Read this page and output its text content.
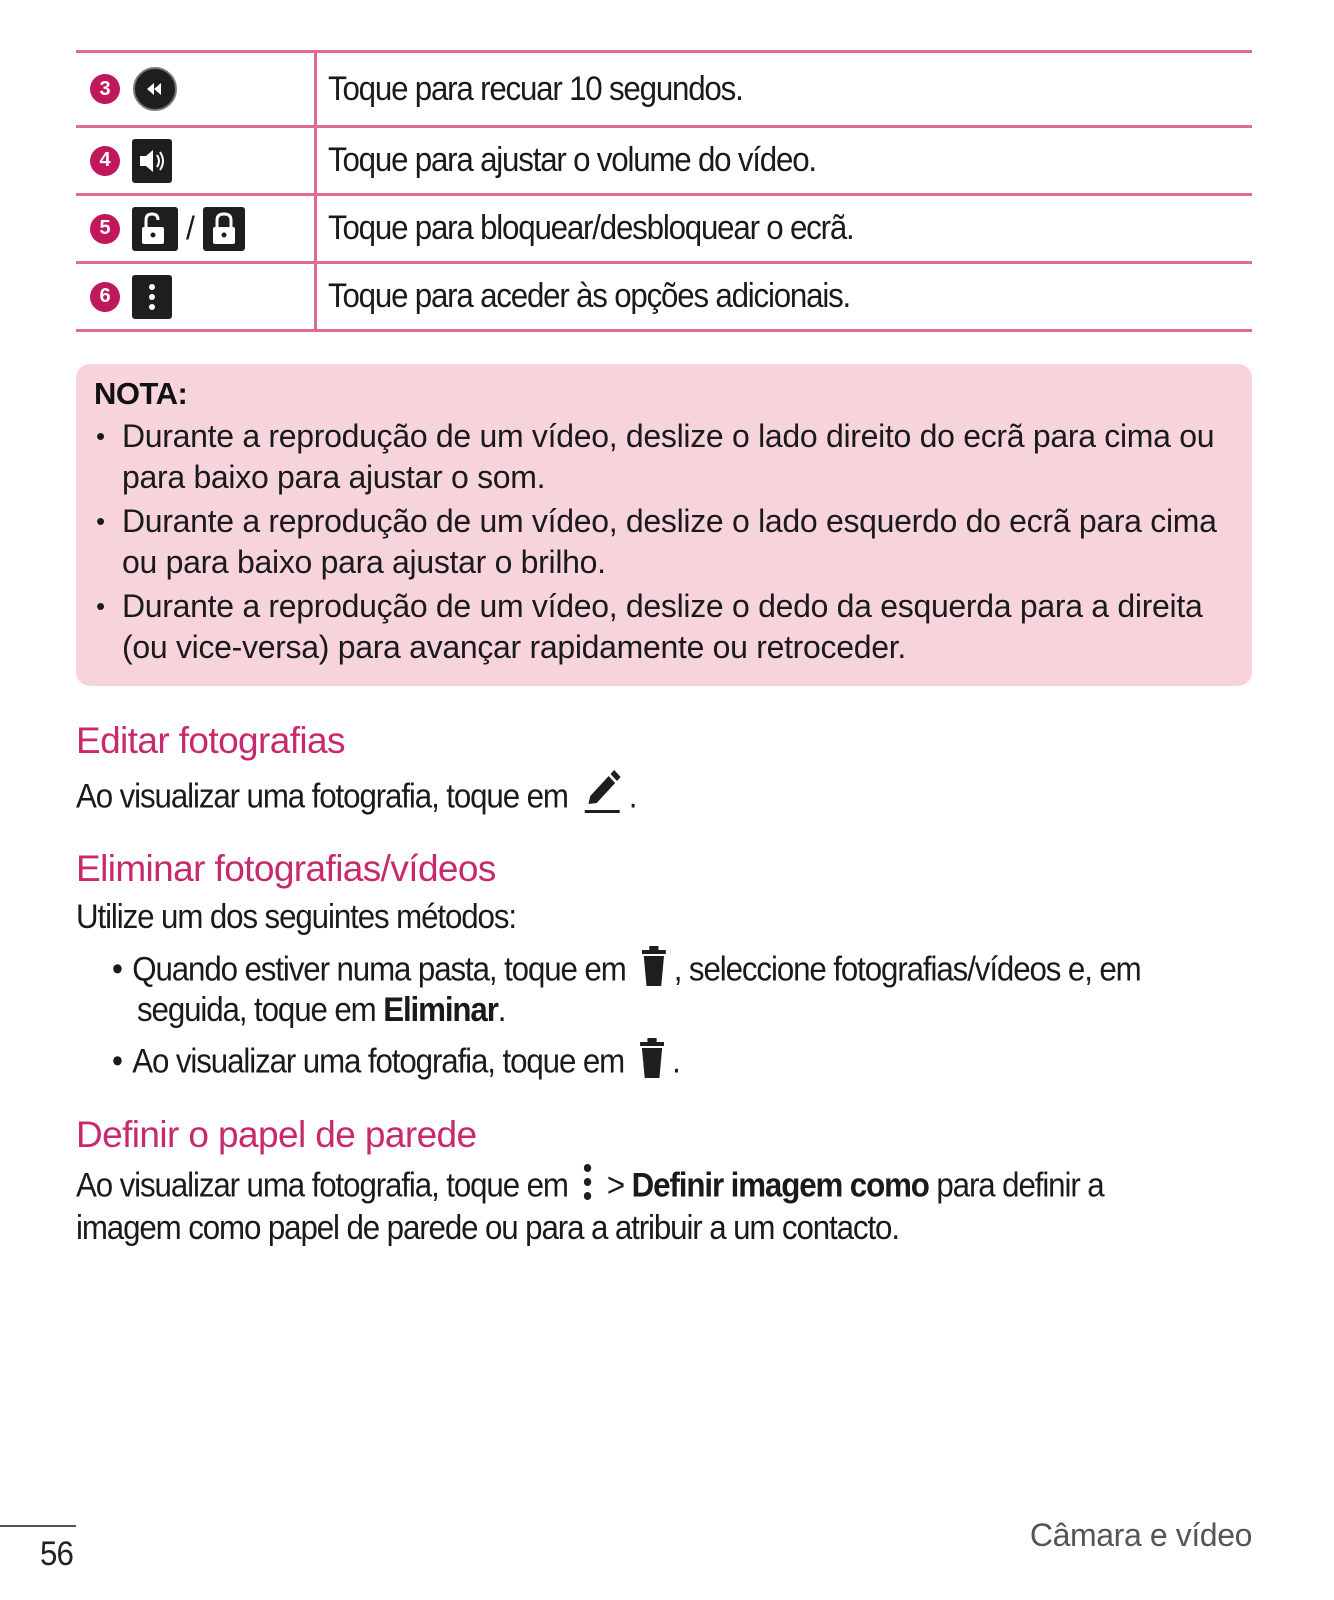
3	Toque para recuar 10 segundos.
4	Toque para ajustar o volume do vídeo.
5 /	Toque para bloquear/desbloquear o ecrã.
6	Toque para aceder às opções adicionais.
NOTA:
• Durante a reprodução de um vídeo, deslize o lado direito do ecrã para cima ou para baixo para ajustar o som.
• Durante a reprodução de um vídeo, deslize o lado esquerdo do ecrã para cima ou para baixo para ajustar o brilho.
• Durante a reprodução de um vídeo, deslize o dedo da esquerda para a direita (ou vice-versa) para avançar rapidamente ou retroceder.
Editar fotografias
Ao visualizar uma fotografia, toque em .
Eliminar fotografias/vídeos
Utilize um dos seguintes métodos:
• Quando estiver numa pasta, toque em , seleccione fotografias/vídeos e, em
seguida, toque em Eliminar.
• Ao visualizar uma fotografia, toque em .
Definir o papel de parede
Ao visualizar uma fotografia, toque em > Definir imagem como para definir a
imagem como papel de parede ou para a atribuir a um contacto.
56	Câmara e vídeo
